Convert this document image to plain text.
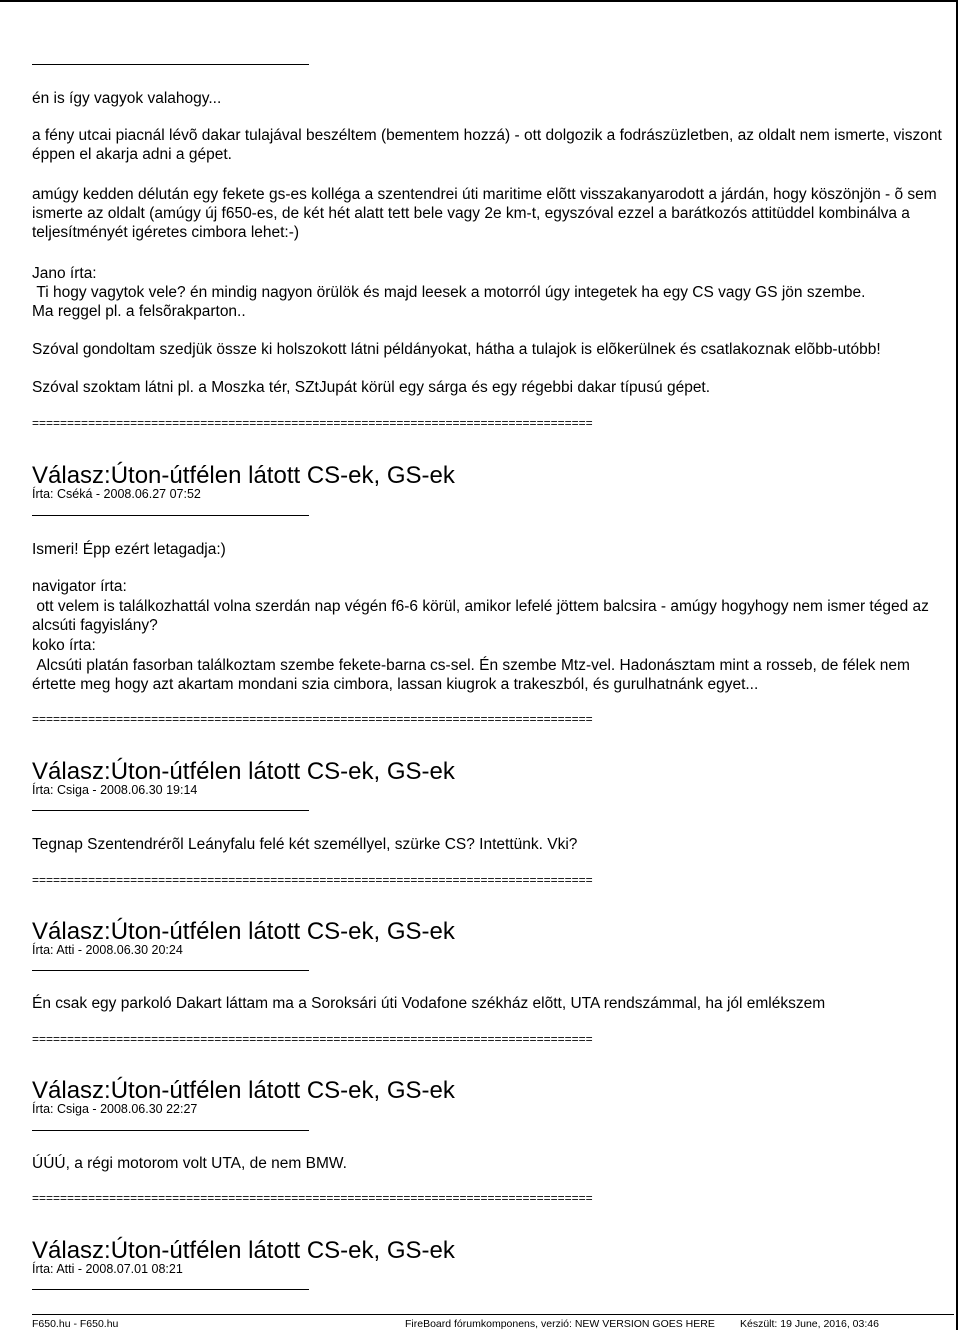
én is így vagyok valahogy...
a fény utcai piacnál lévõ dakar tulajával beszéltem (bementem hozzá) - ott dolgozik a fodrászüzletben, az oldalt nem ismerte, viszont éppen el akarja adni a gépet.
amúgy kedden délután egy fekete gs-es kolléga a szentendrei úti maritime elõtt visszakanyarodott a járdán, hogy köszönjön - õ sem ismerte az oldalt (amúgy új f650-es, de két hét alatt tett bele vagy 2e km-t, egyszóval ezzel a barátkozós attitüddel kombinálva a teljesítményét igéretes cimbora lehet:-)
Jano írta:
Ti hogy vagytok vele? én mindig nagyon örülök és majd leesek a motorról úgy integetek ha egy CS vagy GS jön szembe.
Ma reggel pl. a felsõrakparton..
Szóval gondoltam szedjük össze ki holszokott látni példányokat, hátha a tulajok is elõkerülnek és csatlakoznak elõbb-utóbb!
Szóval szoktam látni pl. a Moszka tér, SZtJupát körül egy sárga és egy régebbi dakar típusú gépet.
================================================================================
Válasz:Úton-útfélen látott CS-ek, GS-ek
Írta: Cséká - 2008.06.27 07:52
Ismeri! Épp ezért letagadja:)
navigator írta:
ott velem is találkozhattál volna szerdán nap végén f6-6 körül, amikor lefelé jöttem balcsira - amúgy hogyhogy nem ismer téged az alcsúti fagyislány?
koko írta:
Alcsúti platán fasorban találkoztam szembe fekete-barna cs-sel. Én szembe Mtz-vel. Hadonásztam mint a rosseb, de félek nem értette meg hogy azt akartam mondani szia cimbora, lassan kiugrok a trakeszból, és gurulhatnánk egyet...
================================================================================
Válasz:Úton-útfélen látott CS-ek, GS-ek
Írta: Csiga - 2008.06.30 19:14
Tegnap Szentendrérõl Leányfalu felé két személlyel, szürke CS? Intettünk. Vki?
================================================================================
Válasz:Úton-útfélen látott CS-ek, GS-ek
Írta: Atti - 2008.06.30 20:24
Én csak egy parkoló Dakart láttam ma a Soroksári úti Vodafone székház elõtt, UTA rendszámmal, ha jól emlékszem
================================================================================
Válasz:Úton-útfélen látott CS-ek, GS-ek
Írta: Csiga - 2008.06.30 22:27
ÚÚÚ, a régi motorom volt UTA, de nem BMW.
================================================================================
Válasz:Úton-útfélen látott CS-ek, GS-ek
Írta: Atti - 2008.07.01 08:21
F650.hu - F650.hu	FireBoard fórumkomponens, verzió: NEW VERSION GOES HERE Készült: 19 June, 2016, 03:46
